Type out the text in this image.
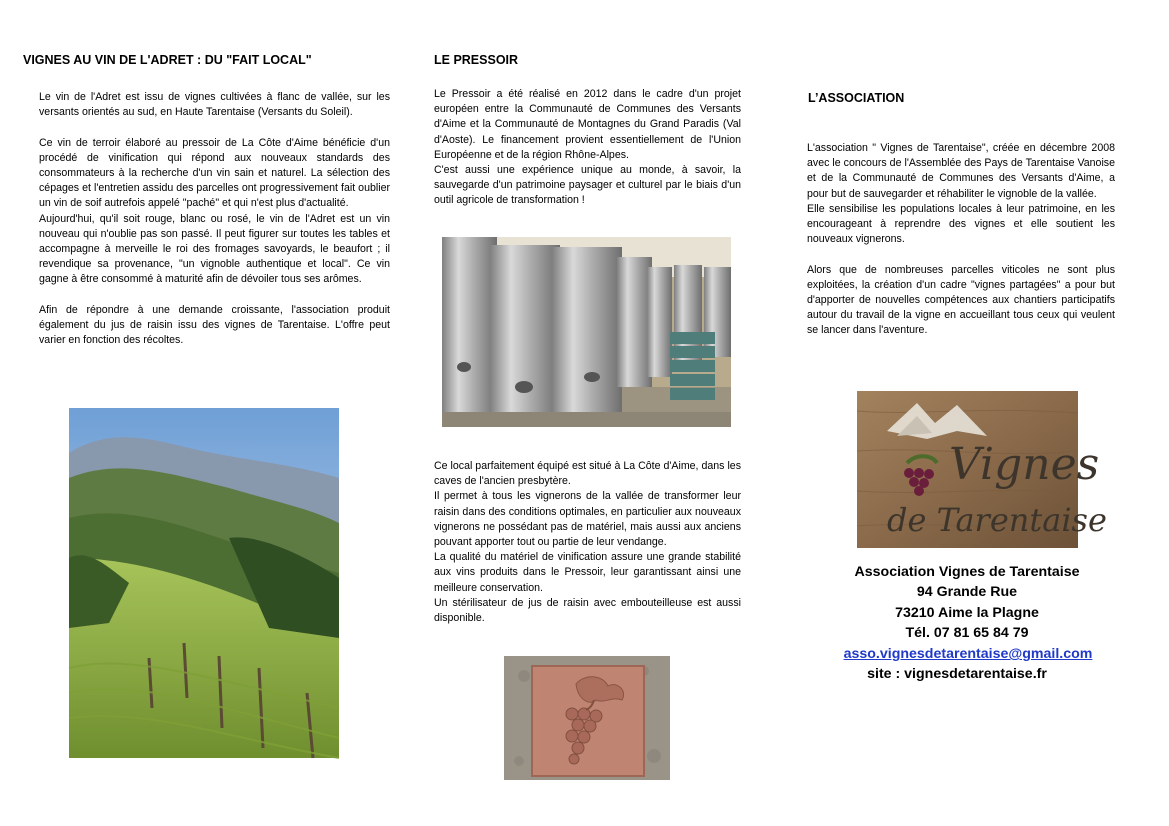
VIGNES AU VIN DE L'ADRET : DU "FAIT LOCAL"

Le vin de l'Adret est issu de vignes cultivées à flanc de vallée, sur les versants orientés au sud, en Haute Tarentaise (Versants du Soleil).

Ce vin de terroir élaboré au pressoir de La Côte d'Aime bénéficie d'un procédé de vinification qui répond aux nouveaux standards des consommateurs à la recherche d'un vin sain et naturel. La sélection des cépages et l'entretien assidu des parcelles ont progressivement fait oublier un vin de soif autrefois appelé "paché" et qui n'est plus d'actualité.

Aujourd'hui, qu'il soit rouge, blanc ou rosé, le vin de l'Adret est un vin nouveau qui n'oublie pas son passé. Il peut figurer sur toutes les tables et accompagne à merveille le roi des fromages savoyards, le beaufort ; il revendique sa provenance, "un vignoble authentique et local". Ce vin gagne à être consommé à maturité afin de dévoiler tous ses arômes.

Afin de répondre à une demande croissante, l'association produit également du jus de raisin issu des vignes de Tarentaise. L'offre peut varier en fonction des récoltes.

LE PRESSOIR

Le Pressoir a été réalisé en 2012 dans le cadre d'un projet européen entre la Communauté de Communes des Versants d'Aime et la Communauté de Montagnes du Grand Paradis (Val d'Aoste). Le financement provient essentiellement de l'Union Européenne et de la région Rhône-Alpes.

C'est aussi une expérience unique au monde, à savoir, la sauvegarde d'un patrimoine paysager et culturel par le biais d'un outil agricole de transformation !

Ce local parfaitement équipé est situé à La Côte d'Aime, dans les caves de l'ancien presbytère.

Il permet à tous les vignerons de la vallée de transformer leur raisin dans des conditions optimales, en particulier aux nouveaux vignerons ne possédant pas de matériel, mais aussi aux anciens pouvant apporter tout ou partie de leur vendange.

La qualité du matériel de vinification assure une grande stabilité aux vins produits dans le Pressoir, leur garantissant ainsi une meilleure conservation.

Un stérilisateur de jus de raisin avec embouteilleuse est aussi disponible.

L’ASSOCIATION

L'association " Vignes de Tarentaise", créée en décembre 2008 avec le concours de l'Assemblée des Pays de Tarentaise Vanoise et de la Communauté de Communes des Versants d'Aime, a pour but de sauvegarder et réhabiliter le vignoble de la vallée.

Elle sensibilise les populations locales à leur patrimoine, en les encourageant à reprendre des vignes et elle soutient les nouveaux vignerons.

Alors que de nombreuses parcelles viticoles ne sont plus exploitées, la création d'un cadre "vignes partagées" a pour but d'apporter de nouvelles compétences aux chantiers participatifs autour du travail de la vigne en accueillant tous ceux qui veulent se lancer dans l'aventure.

Vignes
de Tarentaise
Association Vignes de Tarentaise
94 Grande Rue
73210 Aime la Plagne
Tél. 07 81 65 84 79
asso.vignesdetarentaise@gmail.com
site : vignesdetarentaise.fr
